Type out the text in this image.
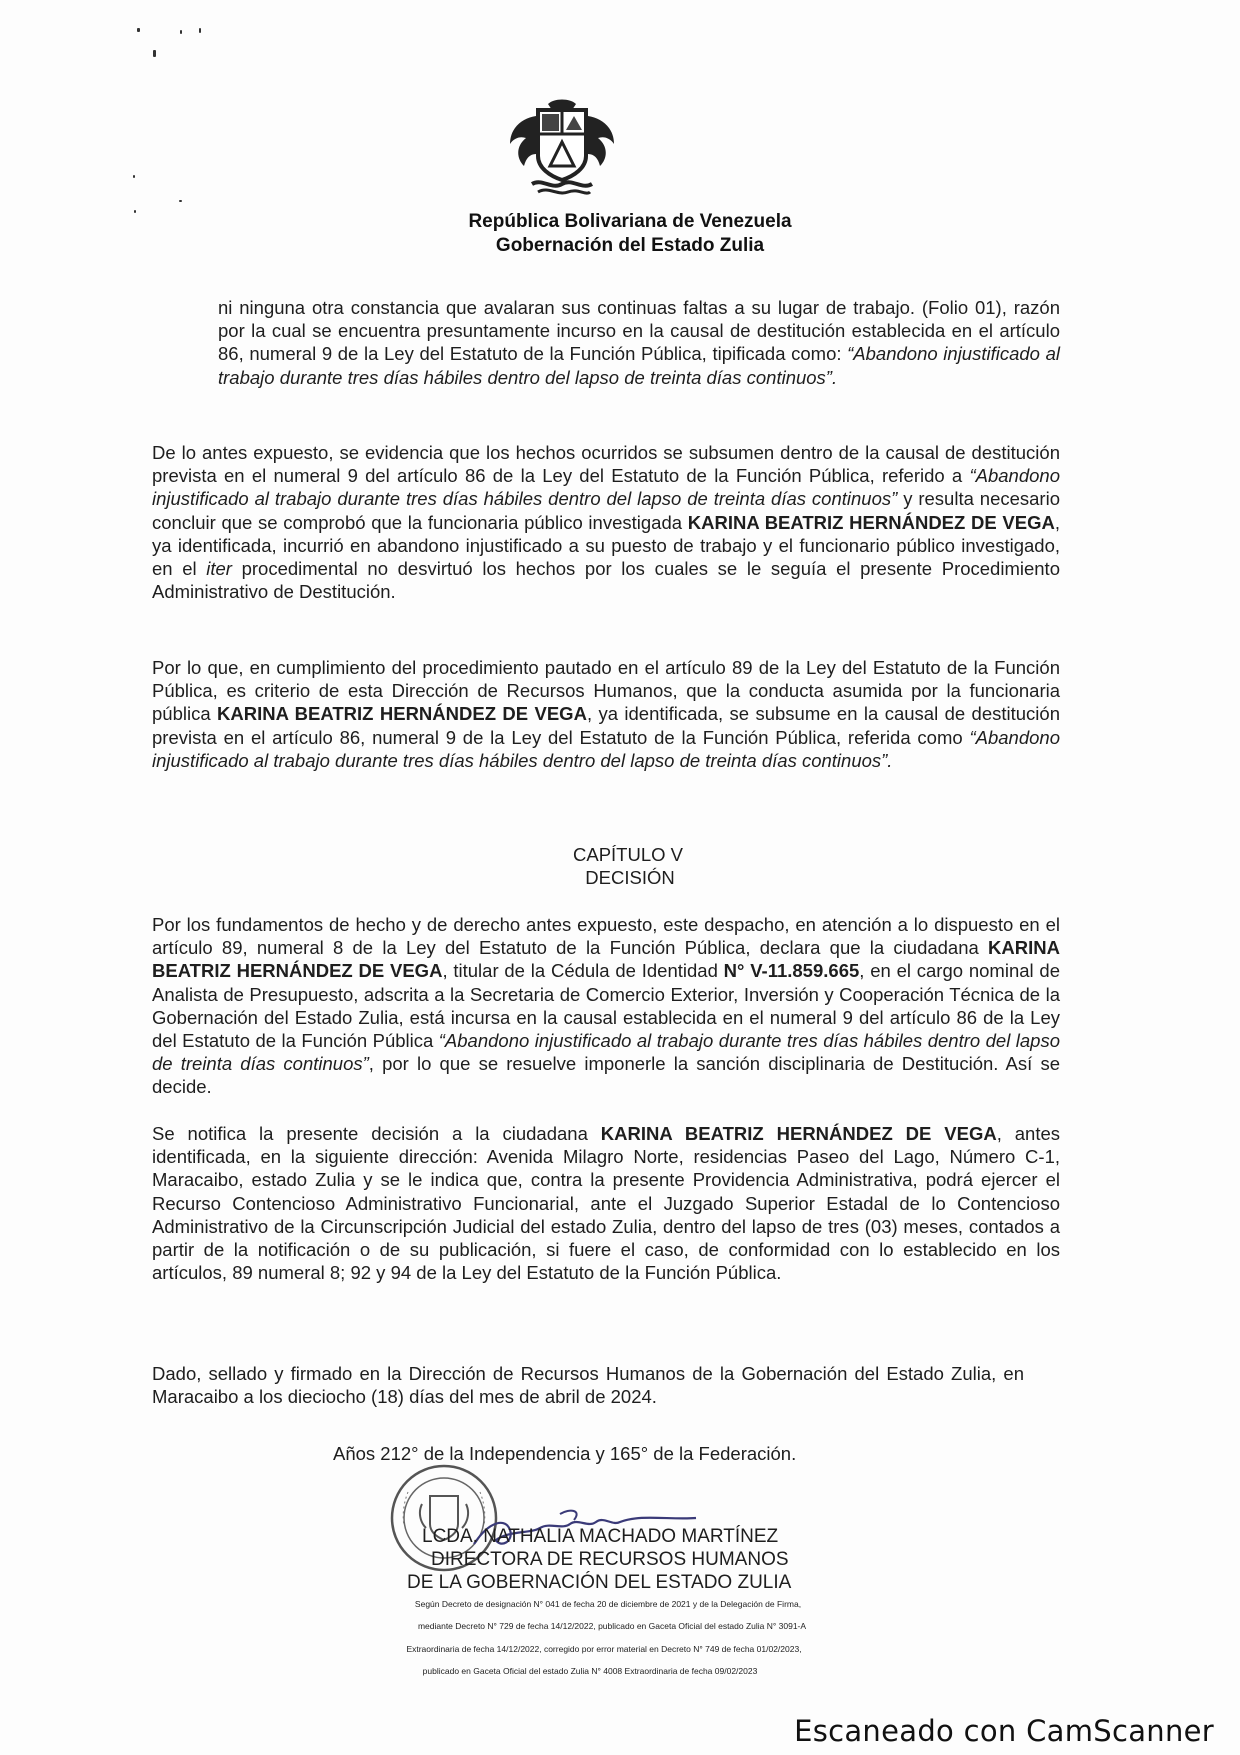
República Bolivariana de Venezuela
Gobernación del Estado Zulia
ni ninguna otra constancia que avalaran sus continuas faltas a su lugar de trabajo. (Folio 01), razón por la cual se encuentra presuntamente incurso en la causal de destitución establecida en el artículo 86, numeral 9 de la Ley del Estatuto de la Función Pública, tipificada como: “Abandono injustificado al trabajo durante tres días hábiles dentro del lapso de treinta días continuos”.
De lo antes expuesto, se evidencia que los hechos ocurridos se subsumen dentro de la causal de destitución prevista en el numeral 9 del artículo 86 de la Ley del Estatuto de la Función Pública, referido a “Abandono injustificado al trabajo durante tres días hábiles dentro del lapso de treinta días continuos” y resulta necesario concluir que se comprobó que la funcionaria público investigada KARINA BEATRIZ HERNÁNDEZ DE VEGA, ya identificada, incurrió en abandono injustificado a su puesto de trabajo y el funcionario público investigado, en el iter procedimental no desvirtuó los hechos por los cuales se le seguía el presente Procedimiento Administrativo de Destitución.
Por lo que, en cumplimiento del procedimiento pautado en el artículo 89 de la Ley del Estatuto de la Función Pública, es criterio de esta Dirección de Recursos Humanos, que la conducta asumida por la funcionaria pública KARINA BEATRIZ HERNÁNDEZ DE VEGA, ya identificada, se subsume en la causal de destitución prevista en el artículo 86, numeral 9 de la Ley del Estatuto de la Función Pública, referida como “Abandono injustificado al trabajo durante tres días hábiles dentro del lapso de treinta días continuos”.
CAPÍTULO V
DECISIÓN
Por los fundamentos de hecho y de derecho antes expuesto, este despacho, en atención a lo dispuesto en el artículo 89, numeral 8 de la Ley del Estatuto de la Función Pública, declara que la ciudadana KARINA BEATRIZ HERNÁNDEZ DE VEGA, titular de la Cédula de Identidad N° V-11.859.665, en el cargo nominal de Analista de Presupuesto, adscrita a la Secretaria de Comercio Exterior, Inversión y Cooperación Técnica de la Gobernación del Estado Zulia, está incursa en la causal establecida en el numeral 9 del artículo 86 de la Ley del Estatuto de la Función Pública “Abandono injustificado al trabajo durante tres días hábiles dentro del lapso de treinta días continuos”, por lo que se resuelve imponerle la sanción disciplinaria de Destitución. Así se decide.
Se notifica la presente decisión a la ciudadana KARINA BEATRIZ HERNÁNDEZ DE VEGA, antes identificada, en la siguiente dirección: Avenida Milagro Norte, residencias Paseo del Lago, Número C-1, Maracaibo, estado Zulia y se le indica que, contra la presente Providencia Administrativa, podrá ejercer el Recurso Contencioso Administrativo Funcionarial, ante el Juzgado Superior Estadal de lo Contencioso Administrativo de la Circunscripción Judicial del estado Zulia, dentro del lapso de tres (03) meses, contados a partir de la notificación o de su publicación, si fuere el caso, de conformidad con lo establecido en los artículos, 89 numeral 8; 92 y 94 de la Ley del Estatuto de la Función Pública.
Dado, sellado y firmado en la Dirección de Recursos Humanos de la Gobernación del Estado Zulia, en Maracaibo a los dieciocho (18) días del mes de abril de 2024.
Años 212° de la Independencia y 165° de la Federación.
LCDA. NATHALIA MACHADO MARTÍNEZ
DIRECTORA DE RECURSOS HUMANOS
DE LA GOBERNACIÓN DEL ESTADO ZULIA
Según Decreto de designación N° 041 de fecha 20 de diciembre de 2021 y de la Delegación de Firma,
mediante Decreto N° 729 de fecha 14/12/2022, publicado en Gaceta Oficial del estado Zulia N° 3091-A
Extraordinaria de fecha 14/12/2022, corregido por error material en Decreto N° 749 de fecha 01/02/2023,
publicado en Gaceta Oficial del estado Zulia N° 4008 Extraordinaria de fecha 09/02/2023
Escaneado con CamScanner
